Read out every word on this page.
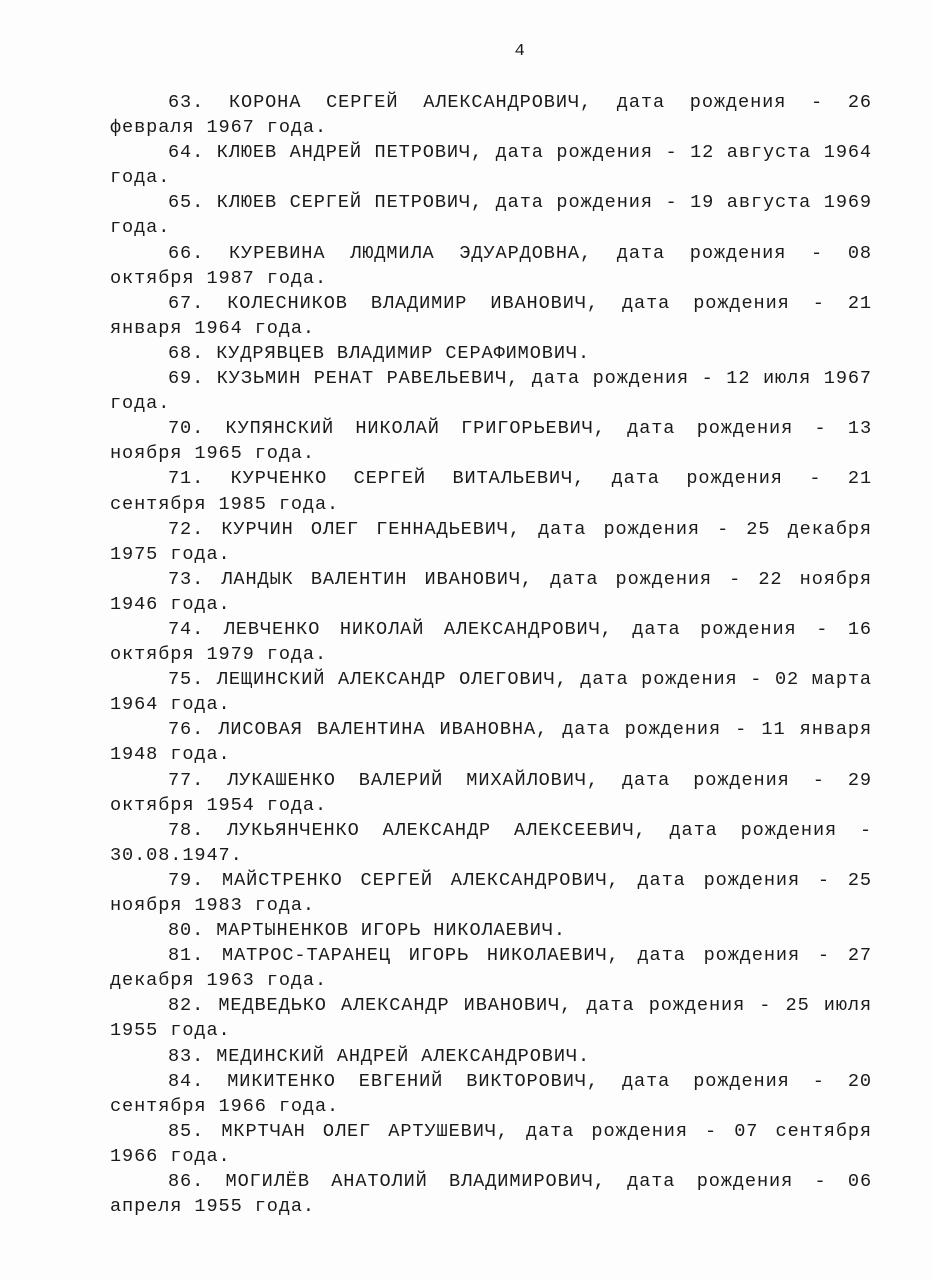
4

63. КОРОНА СЕРГЕЙ АЛЕКСАНДРОВИЧ, дата рождения - 26 февраля 1967 года.

64. КЛЮЕВ АНДРЕЙ ПЕТРОВИЧ, дата рождения - 12 августа 1964 года.

65. КЛЮЕВ СЕРГЕЙ ПЕТРОВИЧ, дата рождения - 19 августа 1969 года.

66. КУРЕВИНА ЛЮДМИЛА ЭДУАРДОВНА, дата рождения - 08 октября 1987 года.

67. КОЛЕСНИКОВ ВЛАДИМИР ИВАНОВИЧ, дата рождения - 21 января 1964 года.

68. КУДРЯВЦЕВ ВЛАДИМИР СЕРАФИМОВИЧ.

69. КУЗЬМИН РЕНАТ РАВЕЛЬЕВИЧ, дата рождения - 12 июля 1967 года.

70. КУПЯНСКИЙ НИКОЛАЙ ГРИГОРЬЕВИЧ, дата рождения - 13 ноября 1965 года.

71. КУРЧЕНКО СЕРГЕЙ ВИТАЛЬЕВИЧ, дата рождения - 21 сентября 1985 года.

72. КУРЧИН ОЛЕГ ГЕННАДЬЕВИЧ, дата рождения - 25 декабря 1975 года.

73. ЛАНДЫК ВАЛЕНТИН ИВАНОВИЧ, дата рождения - 22 ноября 1946 года.

74. ЛЕВЧЕНКО НИКОЛАЙ АЛЕКСАНДРОВИЧ, дата рождения - 16 октября 1979 года.

75. ЛЕЩИНСКИЙ АЛЕКСАНДР ОЛЕГОВИЧ, дата рождения - 02 марта 1964 года.

76. ЛИСОВАЯ ВАЛЕНТИНА ИВАНОВНА, дата рождения - 11 января 1948 года.

77. ЛУКАШЕНКО ВАЛЕРИЙ МИХАЙЛОВИЧ, дата рождения - 29 октября 1954 года.

78. ЛУКЬЯНЧЕНКО АЛЕКСАНДР АЛЕКСЕЕВИЧ, дата рождения - 30.08.1947.

79. МАЙСТРЕНКО СЕРГЕЙ АЛЕКСАНДРОВИЧ, дата рождения - 25 ноября 1983 года.

80. МАРТЫНЕНКОВ ИГОРЬ НИКОЛАЕВИЧ.

81. МАТРОС-ТАРАНЕЦ ИГОРЬ НИКОЛАЕВИЧ, дата рождения - 27 декабря 1963 года.

82. МЕДВЕДЬКО АЛЕКСАНДР ИВАНОВИЧ, дата рождения - 25 июля 1955 года.

83. МЕДИНСКИЙ АНДРЕЙ АЛЕКСАНДРОВИЧ.

84. МИКИТЕНКО ЕВГЕНИЙ ВИКТОРОВИЧ, дата рождения - 20 сентября 1966 года.

85. МКРТЧАН ОЛЕГ АРТУШЕВИЧ, дата рождения - 07 сентября 1966 года.

86. МОГИЛЁВ АНАТОЛИЙ ВЛАДИМИРОВИЧ, дата рождения - 06 апреля 1955 года.
